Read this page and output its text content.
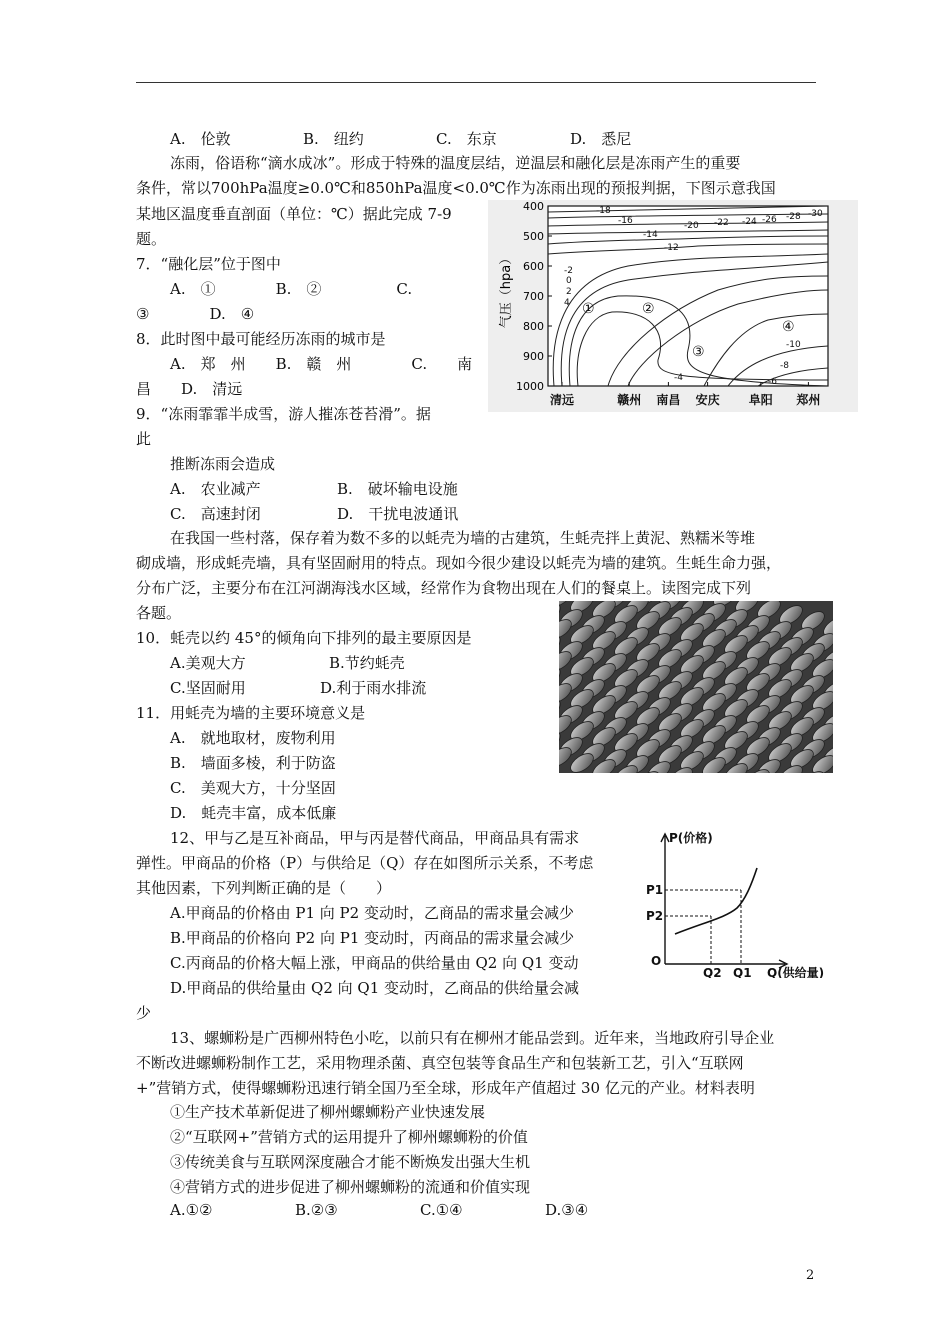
A.　伦敦	B.　纽约	C.　东京	D.　悉尼
冻雨，俗语称“滴水成冰”。形成于特殊的温度层结，逆温层和融化层是冻雨产生的重要
条件，常以700hPa温度≥0.0℃和850hPa温度<0.0℃作为冻雨出现的预报判据，下图示意我国
某地区温度垂直剖面（单位：℃）据此完成 7-9
题。
7．“融化层”位于图中
A.　①　　　　B.　②　　　　　C.
③　　　　D.　④
8．此时图中最可能经历冻雨的城市是
A.　郑　州　　B.　赣　州　　　　C.　　南
昌　　D.　清远
9．“冻雨霏霏半成雪，游人摧冻苍苔滑”。据
此
推断冻雨会造成
A.　农业减产	B.　破坏输电设施
C.　高速封闭	D.　干扰电波通讯
400
500
600
700
800
900
1000
气压（hpa）
-18
-16
-14
-12
-20 -22 -24 -26 -28 -30
-2
0
2
4
-4	-6
-8
-10
①	②
③
④
清远	赣州 南昌 安庆 阜阳 郑州
在我国一些村落，保存着为数不多的以蚝壳为墙的古建筑，生蚝壳拌上黄泥、熟糯米等堆
砌成墙，形成蚝壳墙，具有坚固耐用的特点。现如今很少建设以蚝壳为墙的建筑。生蚝生命力强，
分布广泛，主要分布在江河湖海浅水区域，经常作为食物出现在人们的餐桌上。读图完成下列
各题。
10．蚝壳以约 45°的倾角向下排列的最主要原因是
A.美观大方	B.节约蚝壳
C.坚固耐用	D.利于雨水排流
11．用蚝壳为墙的主要环境意义是
A.　就地取材，废物利用
B.　墙面多棱，利于防盗
C.　美观大方，十分坚固
D.　蚝壳丰富，成本低廉
12、甲与乙是互补商品，甲与丙是替代商品，甲商品具有需求
弹性。甲商品的价格（P）与供给足（Q）存在如图所示关系，不考虑
其他因素，下列判断正确的是（　　）
A.甲商品的价格由 P1 向 P2 变动时，乙商品的需求量会减少
B.甲商品的价格向 P2 向 P1 变动时，丙商品的需求量会减少
C.丙商品的价格大幅上涨，甲商品的供给量由 Q2 向 Q1 变动
D.甲商品的供给量由 Q2 向 Q1 变动时，乙商品的供给量会减
少
P(价格)
P1
P2
O
Q2 Q1 Q(供给量)
13、螺蛳粉是广西柳州特色小吃，以前只有在柳州才能品尝到。近年来，当地政府引导企业
不断改进螺蛳粉制作工艺，采用物理杀菌、真空包装等食品生产和包装新工艺，引入“互联网
+”营销方式，使得螺蛳粉迅速行销全国乃至全球，形成年产值超过 30 亿元的产业。材料表明
①生产技术革新促进了柳州螺蛳粉产业快速发展
②“互联网+”营销方式的运用提升了柳州螺蛳粉的价值
③传统美食与互联网深度融合才能不断焕发出强大生机
④营销方式的进步促进了柳州螺蛳粉的流通和价值实现
A.①②	B.②③	C.①④	D.③④
2
